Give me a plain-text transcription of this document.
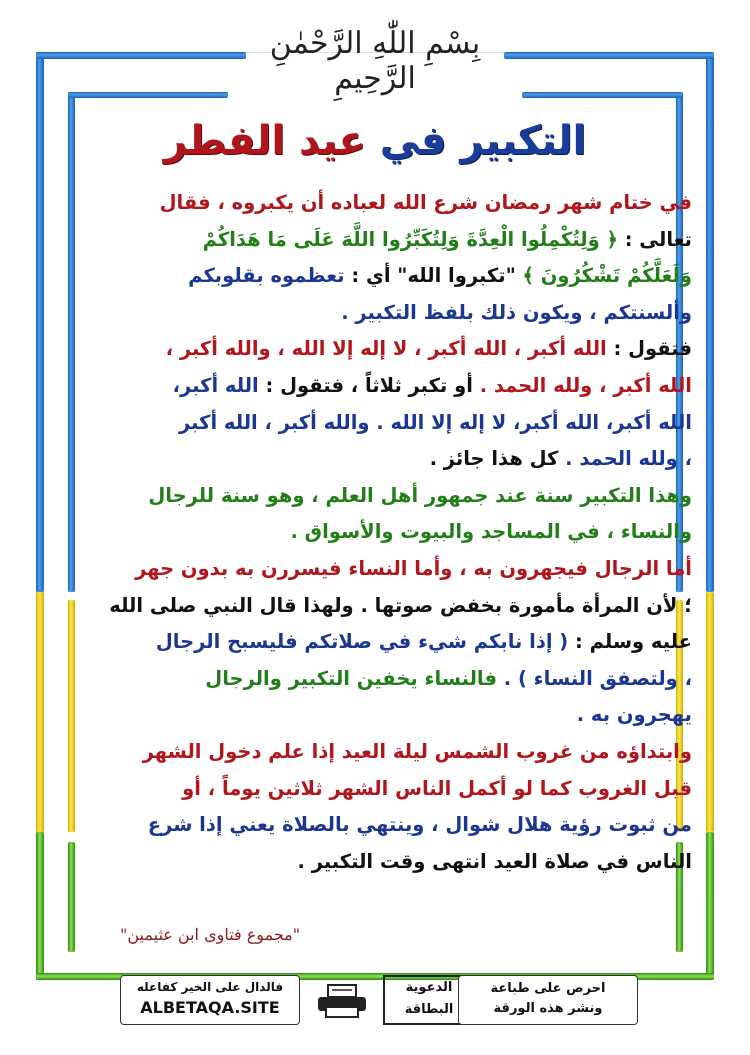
بِسْمِ اللّٰهِ الرَّحْمٰنِ الرَّحِيمِ
التكبير في عيد الفطر
في ختام شهر رمضان شرع الله لعباده أن يكبروه ، فقال
تعالى : ﴿ وَلِتُكْمِلُوا الْعِدَّةَ وَلِتُكَبِّرُوا اللَّهَ عَلَى مَا هَدَاكُمْ
وَلَعَلَّكُمْ تَشْكُرُونَ ﴾ "تكبروا الله" أي : تعظموه بقلوبكم
وألسنتكم ، ويكون ذلك بلفظ التكبير .
فتقول : الله أكبر ، الله أكبر ، لا إله إلا الله ، والله أكبر ،
الله أكبر ، ولله الحمد . أو تكبر ثلاثاً ، فتقول : الله أكبر،
الله أكبر، الله أكبر، لا إله إلا الله . والله أكبر ، الله أكبر
، ولله الحمد . كل هذا جائز .
وهذا التكبير سنة عند جمهور أهل العلم ، وهو سنة للرجال
والنساء ، في المساجد والبيوت والأسواق .
أما الرجال فيجهرون به ، وأما النساء فيسررن به بدون جهر
؛ لأن المرأة مأمورة بخفض صوتها . ولهذا قال النبي صلى الله
عليه وسلم : ( إذا نابكم شيء في صلاتكم فليسبح الرجال
، ولتصفق النساء ) . فالنساء يخفين التكبير والرجال
يهجرون به .
وابتداؤه من غروب الشمس ليلة العيد إذا علم دخول الشهر
قبل الغروب كما لو أكمل الناس الشهر ثلاثين يوماً ، أو
من ثبوت رؤية هلال شوال ، وينتهي بالصلاة يعني إذا شرع
الناس في صلاة العيد انتهى وقت التكبير .
"مجموع فتاوى ابن عثيمين"
فالدال على الخير كفاعله
ALBETAQA.SITE
الدعوية
البطاقة
احرص على طباعة
ونشر هذه الورقة
